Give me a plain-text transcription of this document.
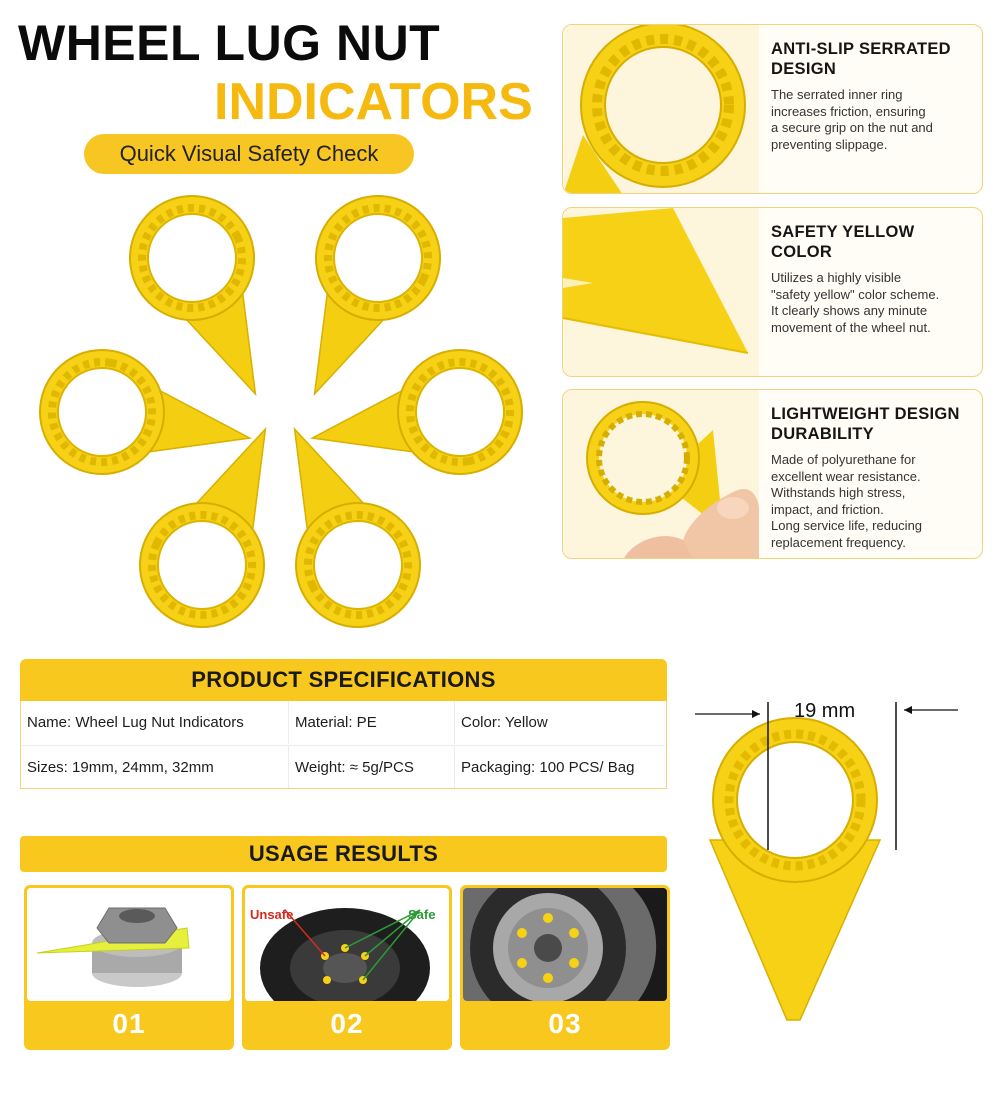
WHEEL LUG NUT
INDICATORS
Quick Visual Safety Check
ANTI-SLIP SERRATED DESIGN

The serrated inner ring
increases friction, ensuring
a secure grip on the nut and
preventing slippage.

SAFETY YELLOW COLOR

Utilizes a highly visible
"safety yellow" color scheme.
It clearly shows any minute
movement of the wheel nut.

LIGHTWEIGHT DESIGN DURABILITY

Made of polyurethane for
excellent wear resistance.
Withstands high stress,
impact, and friction.
Long service life, reducing
replacement frequency.

PRODUCT SPECIFICATIONS
Name: Wheel Lug Nut Indicators	Material: PE	Color: Yellow
Sizes: 19mm, 24mm, 32mm	Weight: ≈ 5g/PCS	Packaging: 100 PCS/ Bag
USAGE RESULTS
01
Unsafe	Safe
02	03
19 mm
